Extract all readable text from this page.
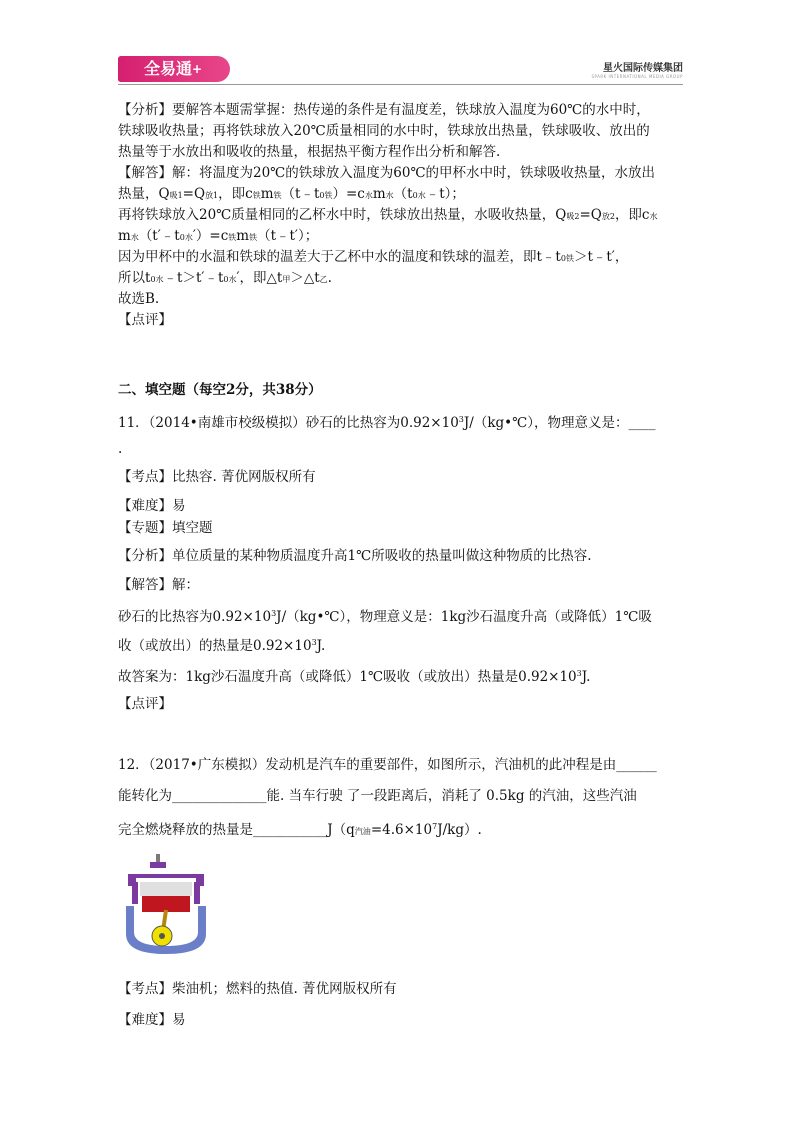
全易通+	星火国际传媒集团
SPARK INTERNATIONAL MEDIA GROUP
【分析】要解答本题需掌握：热传递的条件是有温度差，铁球放入温度为60℃的水中时，
铁球吸收热量；再将铁球放入20℃质量相同的水中时，铁球放出热量，铁球吸收、放出的
热量等于水放出和吸收的热量，根据热平衡方程作出分析和解答.
【解答】解：将温度为20℃的铁球放入温度为60℃的甲杯水中时，铁球吸收热量，水放出
热量，Q吸1=Q放1，即c铁m铁（t﹣t0铁）=c水m水（t0水﹣t）；
再将铁球放入20℃质量相同的乙杯水中时，铁球放出热量，水吸收热量，Q吸2=Q放2，即c水
m水（t′﹣t0水′）=c铁m铁（t﹣t′）；
因为甲杯中的水温和铁球的温差大于乙杯中水的温度和铁球的温差，即t﹣t0铁＞t﹣t′，
所以t0水﹣t＞t′﹣t0水′，即△t甲＞△t乙.
故选B.
【点评】
二、填空题（每空2分，共38分）
11．（2014•南雄市校级模拟）砂石的比热容为$0.92\times 10^3J/(kg•℃)$，物理意义是：____
.
【考点】比热容. 菁优网版权所有
【难度】易
【专题】填空题
【分析】单位质量的某种物质温度升高1℃所吸收的热量叫做这种物质的比热容.
【解答】解：
砂石的比热容为$0.92\times 10^3J/(kg•℃)$，物理意义是：1kg沙石温度升高（或降低）1℃吸
收（或放出）的热量是$0.92\times 10^3J$.
故答案为：1kg沙石温度升高（或降低）1℃吸收（或放出）热量是$0.92\times 10^3J$.
【点评】
12．（2017•广东模拟）发动机是汽车的重要部件，如图所示，汽油机的此冲程是由______
能转化为______________能. 当车行驶 了一段距离后，消耗了 0.5kg 的汽油，这些汽油
完全燃烧释放的热量是___________J（q汽油$=4.6\times 10^7J/kg$）.
【考点】柴油机；燃料的热值. 菁优网版权所有
【难度】易
